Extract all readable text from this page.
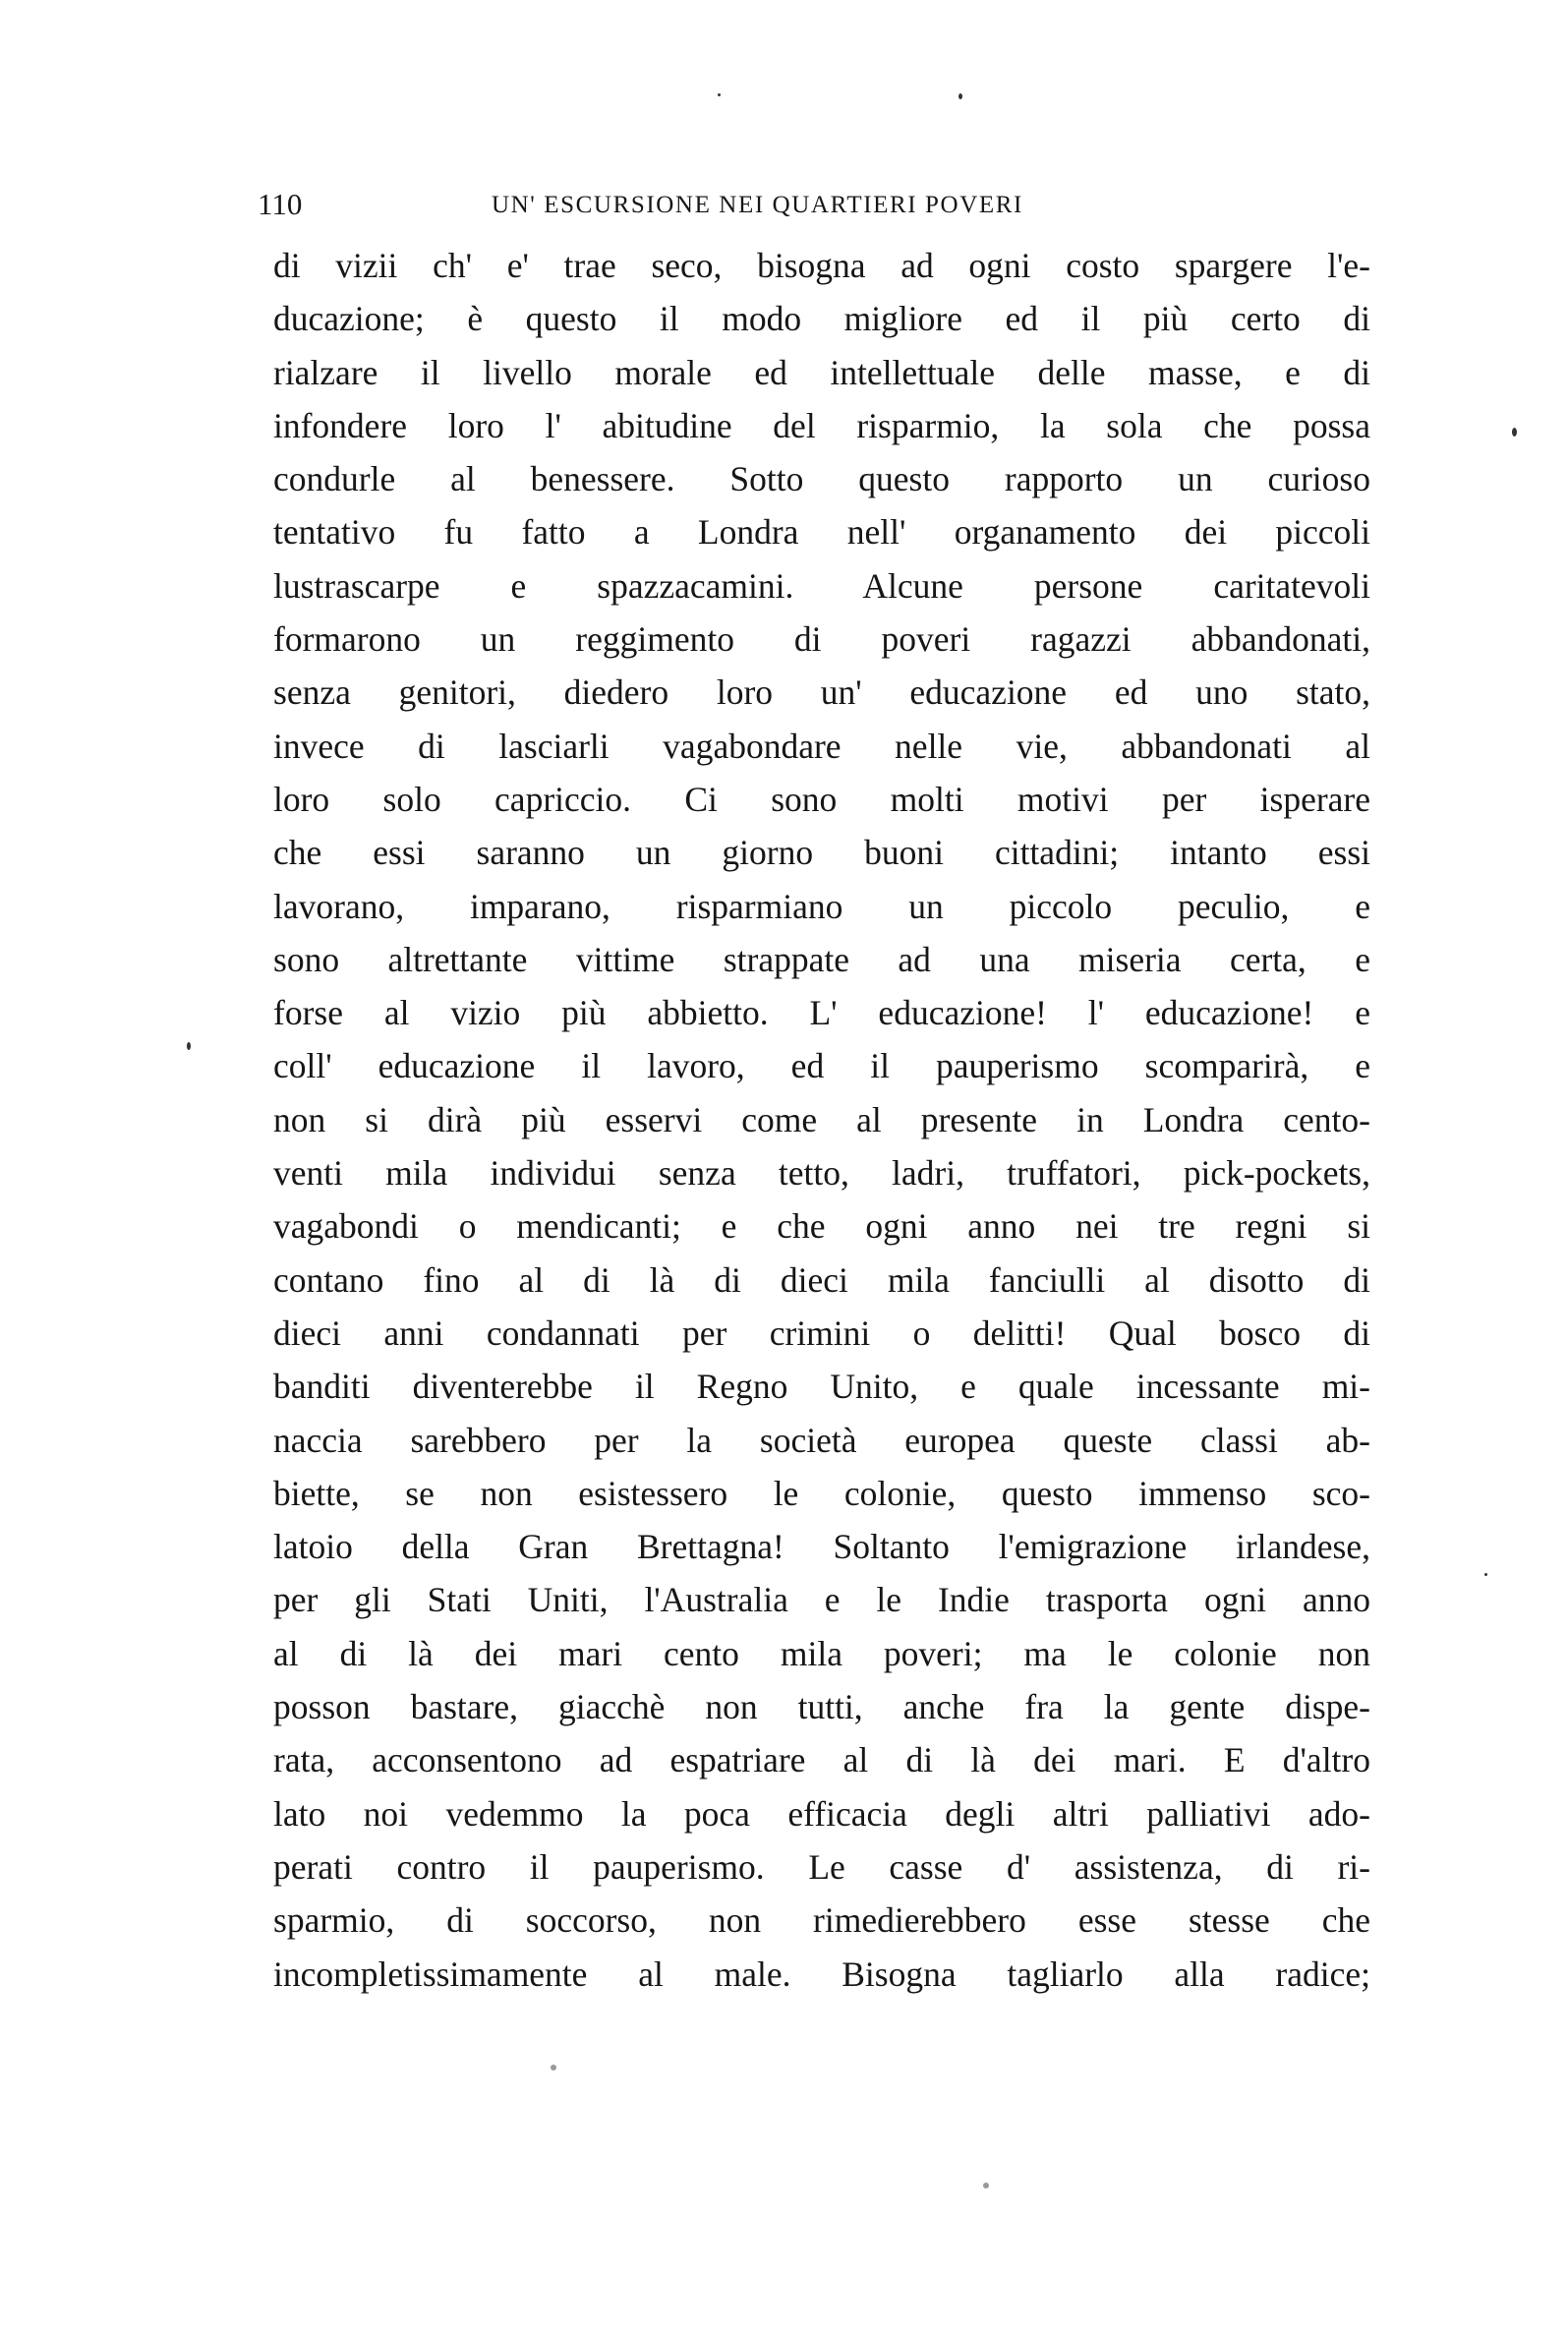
110	UN' ESCURSIONE NEI QUARTIERI POVERI
di vizii ch' e' trae seco, bisogna ad ogni costo spargere l'e-
ducazione; è questo il modo migliore ed il più certo di
rialzare il livello morale ed intellettuale delle masse, e di
infondere loro l' abitudine del risparmio, la sola che possa
condurle al benessere. Sotto questo rapporto un curioso
tentativo fu fatto a Londra nell' organamento dei piccoli
lustrascarpe e spazzacamini. Alcune persone caritatevoli
formarono un reggimento di poveri ragazzi abbandonati,
senza genitori, diedero loro un' educazione ed uno stato,
invece di lasciarli vagabondare nelle vie, abbandonati al
loro solo capriccio. Ci sono molti motivi per isperare
che essi saranno un giorno buoni cittadini; intanto essi
lavorano, imparano, risparmiano un piccolo peculio, e
sono altrettante vittime strappate ad una miseria certa, e
forse al vizio più abbietto. L' educazione! l' educazione! e
coll' educazione il lavoro, ed il pauperismo scomparirà, e
non si dirà più esservi come al presente in Londra cento-
venti mila individui senza tetto, ladri, truffatori, pick-pockets,
vagabondi o mendicanti; e che ogni anno nei tre regni si
contano fino al di là di dieci mila fanciulli al disotto di
dieci anni condannati per crimini o delitti! Qual bosco di
banditi diventerebbe il Regno Unito, e quale incessante mi-
naccia sarebbero per la società europea queste classi ab-
biette, se non esistessero le colonie, questo immenso sco-
latoio della Gran Brettagna! Soltanto l'emigrazione irlandese,
per gli Stati Uniti, l'Australia e le Indie trasporta ogni anno
al di là dei mari cento mila poveri; ma le colonie non
posson bastare, giacchè non tutti, anche fra la gente dispe-
rata, acconsentono ad espatriare al di là dei mari. E d'altro
lato noi vedemmo la poca efficacia degli altri palliativi ado-
perati contro il pauperismo. Le casse d' assistenza, di ri-
sparmio, di soccorso, non rimedierebbero esse stesse che
incompletissimamente al male. Bisogna tagliarlo alla radice;
